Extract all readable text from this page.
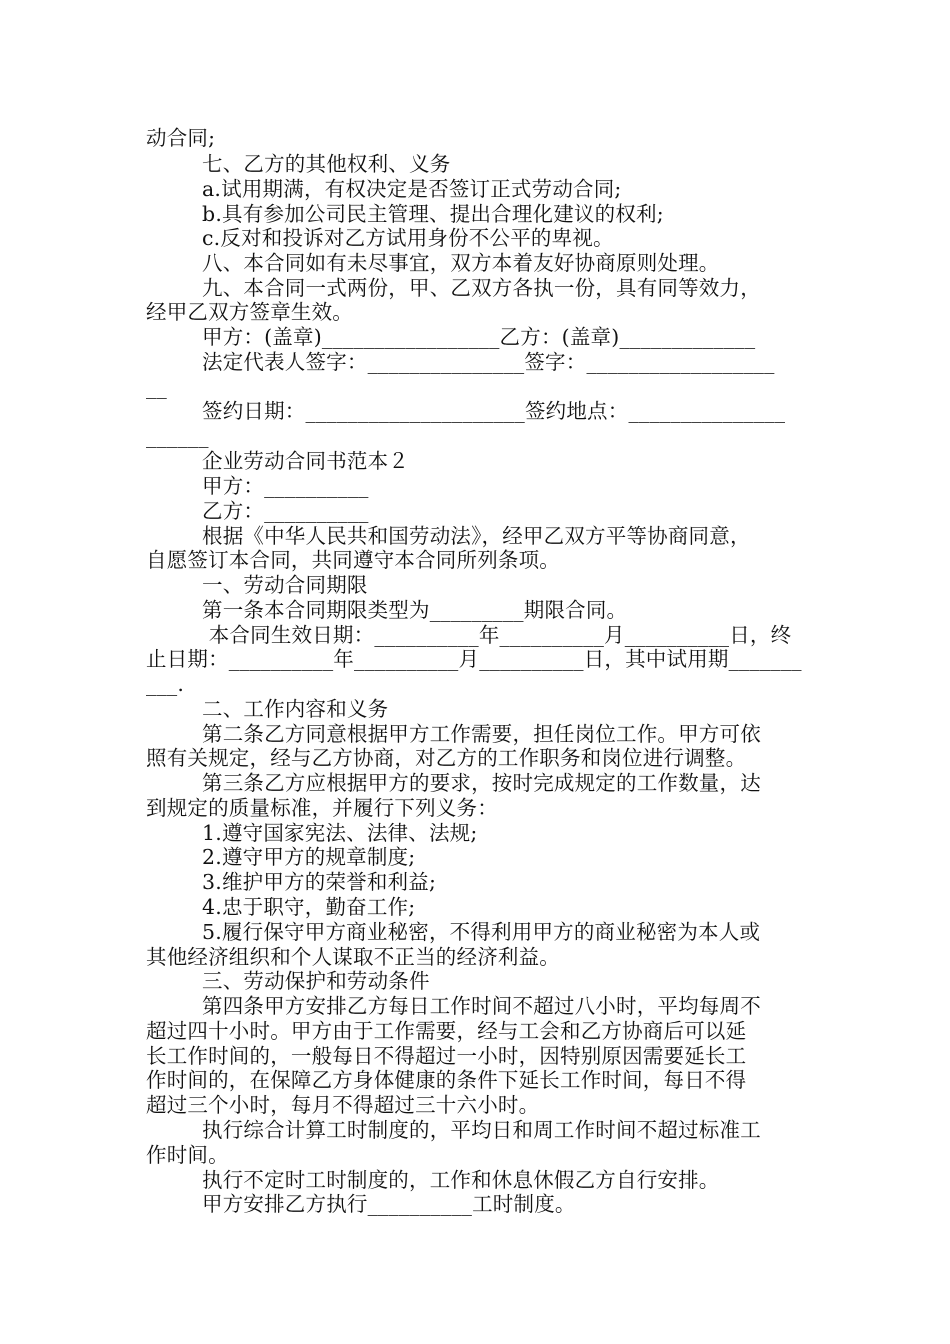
动合同;
七、乙方的其他权利、义务
a.试用期满，有权决定是否签订正式劳动合同;
b.具有参加公司民主管理、提出合理化建议的权利;
c.反对和投诉对乙方试用身份不公平的卑视。
八、本合同如有未尽事宜，双方本着友好协商原则处理。
九、本合同一式两份，甲、乙双方各执一份，具有同等效力，
经甲乙双方签章生效。
甲方：(盖章)_________________乙方：(盖章)_____________
法定代表人签字：_______________签字：__________________
__
签约日期：_____________________签约地点：_______________
______
企业劳动合同书范本２
甲方：__________
乙方：__________
根据《中华人民共和国劳动法》，经甲乙双方平等协商同意，
自愿签订本合同，共同遵守本合同所列条项。
一、劳动合同期限
第一条本合同期限类型为_________期限合同。
本合同生效日期：__________年__________月__________日，终
止日期：__________年__________月__________日，其中试用期_______
___.
二、工作内容和义务
第二条乙方同意根据甲方工作需要，担任岗位工作。甲方可依
照有关规定，经与乙方协商，对乙方的工作职务和岗位进行调整。
第三条乙方应根据甲方的要求，按时完成规定的工作数量，达
到规定的质量标准，并履行下列义务：
1.遵守国家宪法、法律、法规;
2.遵守甲方的规章制度;
3.维护甲方的荣誉和利益;
4.忠于职守，勤奋工作;
5.履行保守甲方商业秘密，不得利用甲方的商业秘密为本人或
其他经济组织和个人谋取不正当的经济利益。
三、劳动保护和劳动条件
第四条甲方安排乙方每日工作时间不超过八小时，平均每周不
超过四十小时。甲方由于工作需要，经与工会和乙方协商后可以延
长工作时间的，一般每日不得超过一小时，因特别原因需要延长工
作时间的，在保障乙方身体健康的条件下延长工作时间，每日不得
超过三个小时，每月不得超过三十六小时。
执行综合计算工时制度的，平均日和周工作时间不超过标准工
作时间。
执行不定时工时制度的，工作和休息休假乙方自行安排。
甲方安排乙方执行__________工时制度。
